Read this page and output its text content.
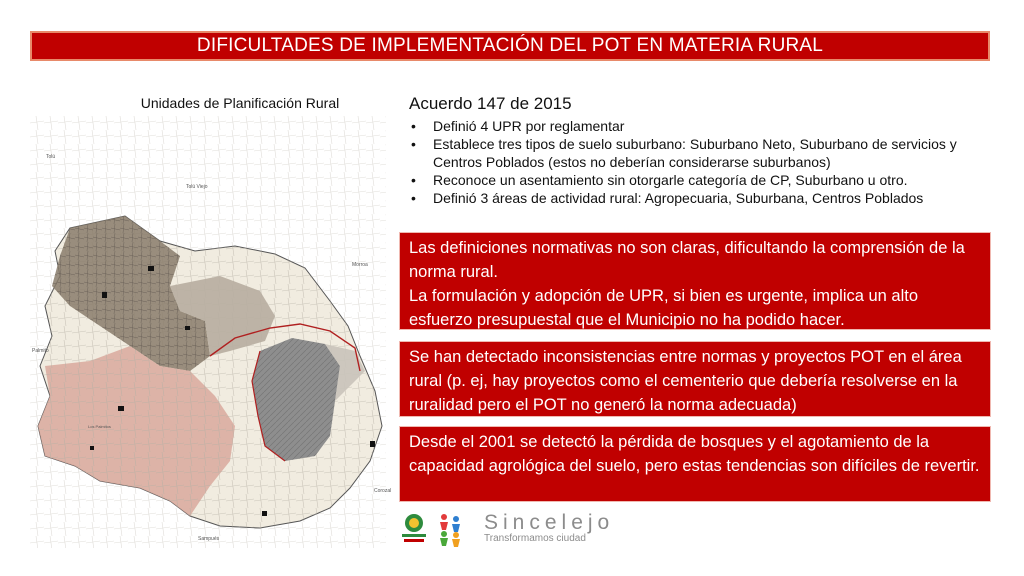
DIFICULTADES DE IMPLEMENTACIÓN DEL POT EN MATERIA RURAL
Unidades de Planificación Rural
Tolú
Tolú Viejo
Morroa
Palmito
Corozal
Sampués
Los Palmitos
Acuerdo 147 de 2015
• Definió 4 UPR por reglamentar
• Establece tres tipos de suelo suburbano: Suburbano Neto, Suburbano de servicios y Centros Poblados (estos no deberían considerarse suburbanos)
• Reconoce un asentamiento sin otorgarle categoría de CP, Suburbano u otro.
• Definió 3 áreas de actividad rural: Agropecuaria, Suburbana, Centros Poblados

Las definiciones normativas no son claras, dificultando la comprensión de la norma rural.

La formulación y adopción de UPR, si bien es urgente, implica un alto esfuerzo presupuestal que el Municipio no ha podido hacer.

Se han detectado inconsistencias entre normas y proyectos POT en el área rural (p. ej, hay proyectos como el cementerio que debería resolverse en la ruralidad pero el POT no generó la norma adecuada)

Desde el 2001 se detectó la pérdida de bosques y el agotamiento de la capacidad agrológica del suelo, pero estas tendencias son difíciles de revertir.

Sincelejo
Transformamos ciudad
